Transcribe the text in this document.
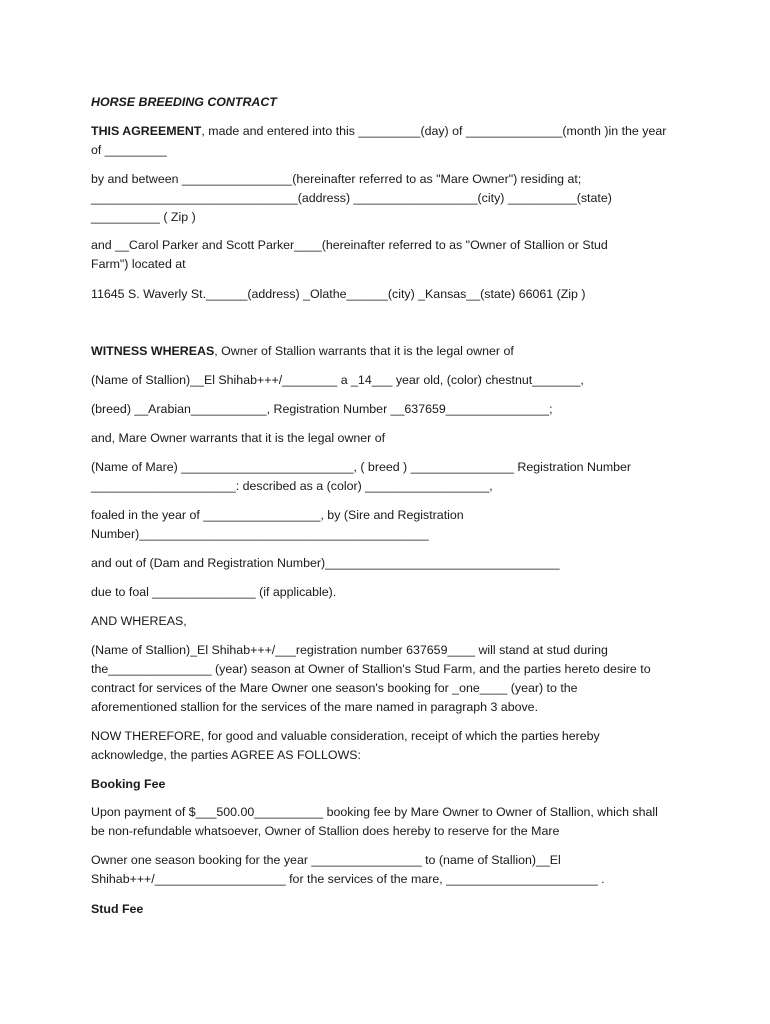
HORSE BREEDING CONTRACT
THIS AGREEMENT, made and entered into this _________(day) of ______________(month )in the year
of _________
by and between ________________(hereinafter referred to as "Mare Owner") residing at;
______________________________(address) __________________(city) __________(state)
__________ ( Zip )
and __Carol Parker and Scott Parker____(hereinafter referred to as "Owner of Stallion or Stud
Farm") located at
11645 S. Waverly St.______(address) _Olathe______(city) _Kansas__(state) 66061 (Zip )
WITNESS WHEREAS, Owner of Stallion warrants that it is the legal owner of
(Name of Stallion)__El Shihab+++/________ a _14___ year old, (color) chestnut_______,
(breed) __Arabian___________, Registration Number __637659_______________;
and, Mare Owner warrants that it is the legal owner of
(Name of Mare) _________________________, ( breed ) _______________ Registration Number
_____________________: described as a (color) __________________,
foaled in the year of _________________, by (Sire and Registration
Number)__________________________________________
and out of (Dam and Registration Number)__________________________________
due to foal _______________ (if applicable).
AND WHEREAS,
(Name of Stallion)_El Shihab+++/___registration number 637659____ will stand at stud during
the_______________ (year) season at Owner of Stallion's Stud Farm, and the parties hereto desire to
contract for services of the Mare Owner one season's booking for _one____ (year) to the
aforementioned stallion for the services of the mare named in paragraph 3 above.
NOW THEREFORE, for good and valuable consideration, receipt of which the parties hereby
acknowledge, the parties AGREE AS FOLLOWS:
Booking Fee
Upon payment of $___500.00__________ booking fee by Mare Owner to Owner of Stallion, which shall
be non-refundable whatsoever, Owner of Stallion does hereby to reserve for the Mare
Owner one season booking for the year ________________ to (name of Stallion)__El
Shihab+++/___________________ for the services of the mare, ______________________ .
Stud Fee
